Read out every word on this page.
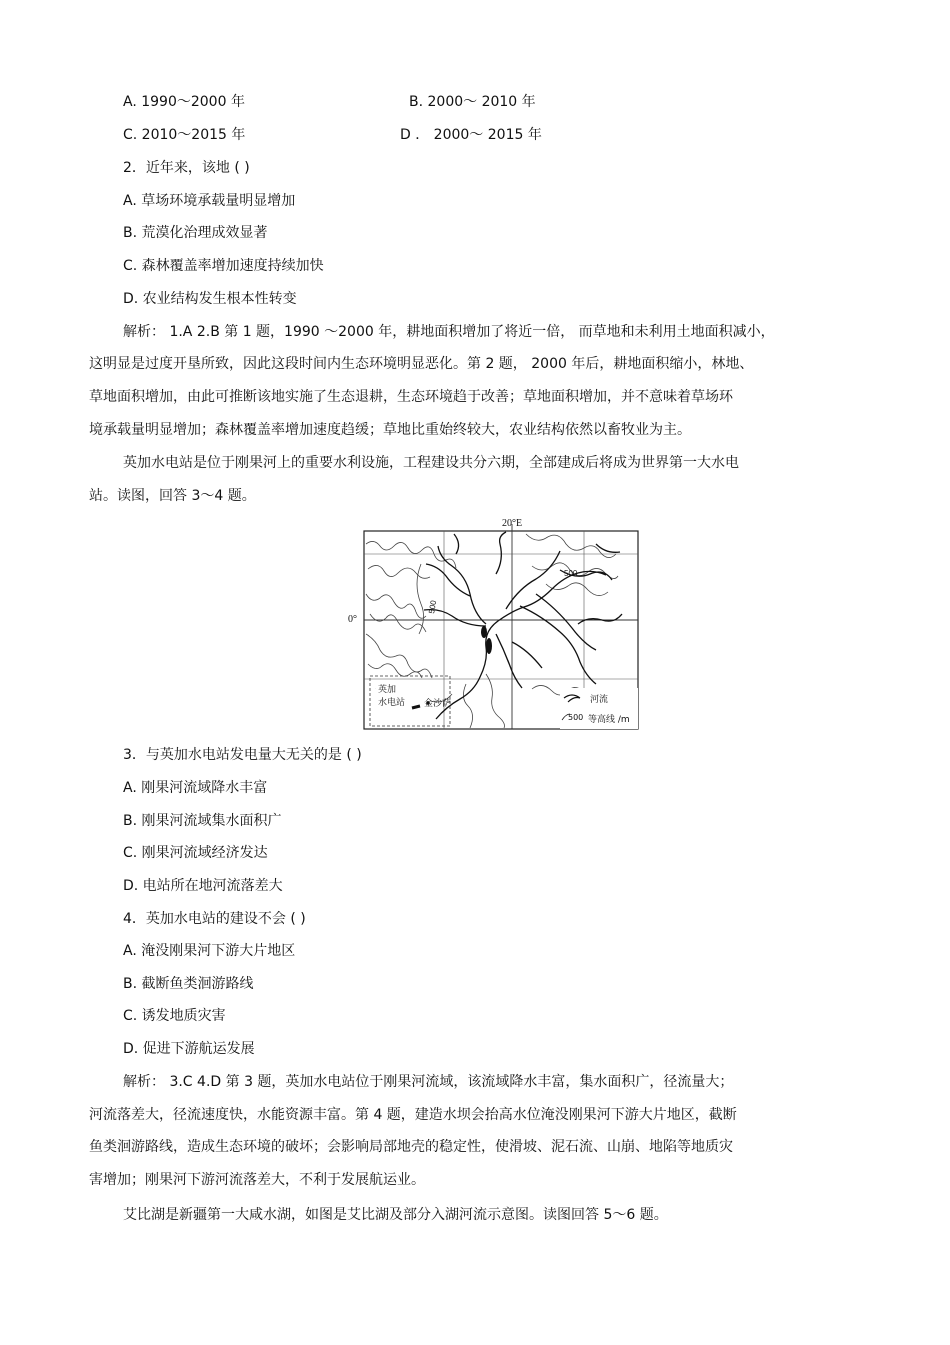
A. 1990～2000 年	B. 2000～ 2010 年
C. 2010～2015 年	D ． 2000～ 2015 年
2．近年来，该地 ( )
A. 草场环境承载量明显增加
B. 荒漠化治理成效显著
C. 森林覆盖率增加速度持续加快
D. 农业结构发生根本性转变
解析： 1.A 2.B 第 1 题，1990 ～2000 年，耕地面积增加了将近一倍， 而草地和未利用土地面积减小，
这明显是过度开垦所致，因此这段时间内生态环境明显恶化。第 2 题， 2000 年后，耕地面积缩小，林地、
草地面积增加，由此可推断该地实施了生态退耕，生态环境趋于改善；草地面积增加，并不意味着草场环
境承载量明显增加；森林覆盖率增加速度趋缓；草地比重始终较大，农业结构依然以畜牧业为主。
英加水电站是位于刚果河上的重要水利设施，工程建设共分六期，全部建成后将成为世界第一大水电
站。读图，回答 3～4 题。
20°E
0°
500
500
英加
水电站 金沙萨	河流
500 等高线 /m
3．与英加水电站发电量大无关的是 ( )
A. 刚果河流域降水丰富
B. 刚果河流域集水面积广
C. 刚果河流域经济发达
D. 电站所在地河流落差大
4．英加水电站的建设不会 ( )
A. 淹没刚果河下游大片地区
B. 截断鱼类洄游路线
C. 诱发地质灾害
D. 促进下游航运发展
解析： 3.C 4.D 第 3 题，英加水电站位于刚果河流域，该流域降水丰富，集水面积广，径流量大；
河流落差大，径流速度快，水能资源丰富。第 4 题，建造水坝会抬高水位淹没刚果河下游大片地区，截断
鱼类洄游路线，造成生态环境的破坏；会影响局部地壳的稳定性，使滑坡、泥石流、山崩、地陷等地质灾
害增加；刚果河下游河流落差大，不利于发展航运业。
艾比湖是新疆第一大咸水湖，如图是艾比湖及部分入湖河流示意图。读图回答 5～6 题。
